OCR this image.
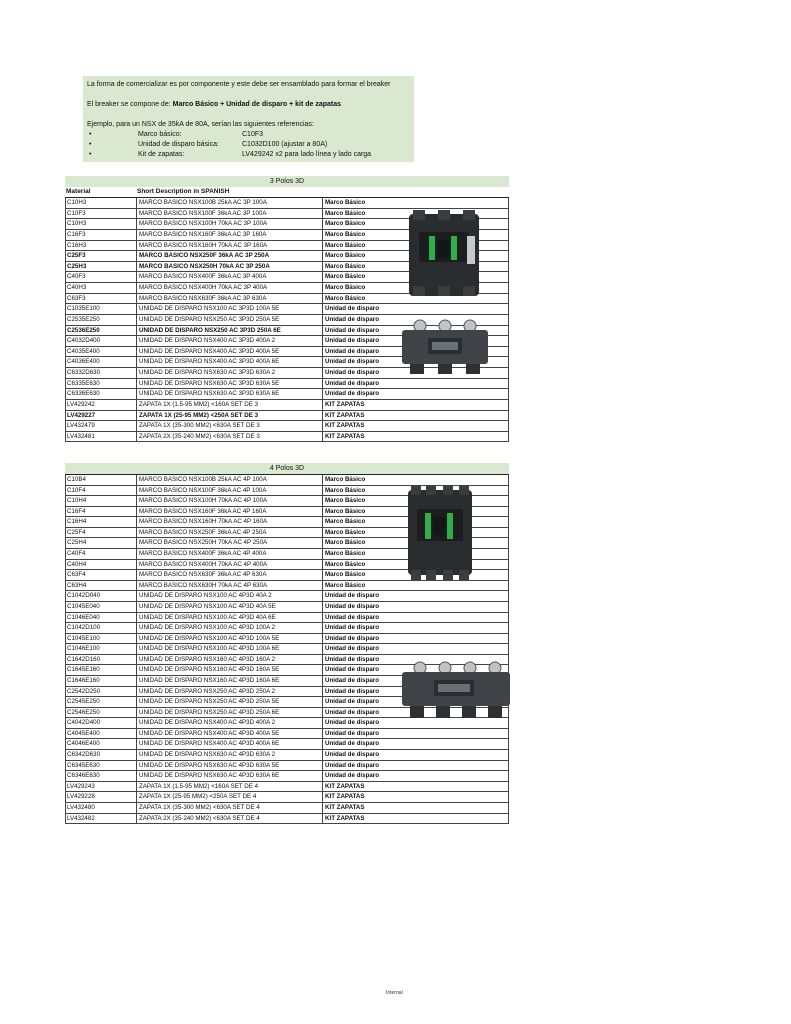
La forma de comercializar es por componente y este debe ser ensamblado para formar el breaker

El breaker se compone de: Marco Básico + Unidad de disparo + kit de zapatas

Ejemplo, para un NSX de 35kA de 80A, serían las siguientes referencias:

•	Marco básico:	C10F3
•	Unidad de disparo básica:	C1032D100 (ajustar a 80A)
•	Kit de zapatas:	LV429242 x2 para lado línea y lado carga
3 Polos 3D
Material	Short Description in SPANISH
C10H3	MARCO BASICO NSX100B 25kA AC 3P 100A	Marco Básico
C10F3	MARCO BASICO NSX100F 36kA AC 3P 100A	Marco Básico
C10H3	MARCO BASICO NSX100H 70kA AC 3P 100A	Marco Básico
C16F3	MARCO BASICO NSX160F 36kA AC 3P 160A	Marco Básico
C16H3	MARCO BASICO NSX160H 70kA AC 3P 160A	Marco Básico
C25F3	MARCO BASICO NSX250F 36kA AC 3P 250A	Marco Básico
C25H3	MARCO BASICO NSX250H 70kA AC 3P 250A	Marco Básico
C40F3	MARCO BASICO NSX400F 36kA AC 3P 400A	Marco Básico
C40H3	MARCO BASICO NSX400H 70kA AC 3P 400A	Marco Básico
C63F3	MARCO BASICO NSX630F 36kA AC 3P 630A	Marco Básico
C1035E100	UNIDAD DE DISPARO NSX100 AC 3P3D 100A 5E	Unidad de disparo
C2535E250	UNIDAD DE DISPARO NSX250 AC 3P3D 250A 5E	Unidad de disparo
C2536E250	UNIDAD DE DISPARO NSX250 AC 3P3D 250A 6E	Unidad de disparo
C4032D400	UNIDAD DE DISPARO NSX400 AC 3P3D 400A 2	Unidad de disparo
C4035E400	UNIDAD DE DISPARO NSX400 AC 3P3D 400A 5E	Unidad de disparo
C4036E400	UNIDAD DE DISPARO NSX400 AC 3P3D 400A 6E	Unidad de disparo
C6332D630	UNIDAD DE DISPARO NSX630 AC 3P3D 630A 2	Unidad de disparo
C6335E630	UNIDAD DE DISPARO NSX630 AC 3P3D 630A 5E	Unidad de disparo
C6336E630	UNIDAD DE DISPARO NSX630 AC 3P3D 630A 6E	Unidad de disparo
LV429242	ZAPATA 1X (1.5-95 MM2) <160A SET DE 3	KIT ZAPATAS
LV429227	ZAPATA 1X (25-95 MM2) <250A SET DE 3	KIT ZAPATAS
LV432479	ZAPATA 1X (35-300 MM2) <630A SET DE 3	KIT ZAPATAS
LV432481	ZAPATA 2X (35-240 MM2) <630A SET DE 3	KIT ZAPATAS
4 Polos 3D
C10B4	MARCO BASICO NSX100B 25kA AC 4P 100A	Marco Básico
C10F4	MARCO BASICO NSX100F 36kA AC 4P 100A	Marco Básico
C10H4	MARCO BASICO NSX100H 70kA AC 4P 100A	Marco Básico
C16F4	MARCO BASICO NSX160F 36kA AC 4P 160A	Marco Básico
C16H4	MARCO BASICO NSX160H 70kA AC 4P 160A	Marco Básico
C25F4	MARCO BASICO NSX250F 36kA AC 4P 250A	Marco Básico
C25H4	MARCO BASICO NSX250H 70kA AC 4P 250A	Marco Básico
C40F4	MARCO BASICO NSX400F 36kA AC 4P 400A	Marco Básico
C40H4	MARCO BASICO NSX400H 70kA AC 4P 400A	Marco Básico
C63F4	MARCO BASICO NSX630F 36kA AC 4P 630A	Marco Básico
C63H4	MARCO BASICO NSX630H 70kA AC 4P 630A	Marco Básico
C1042D040	UNIDAD DE DISPARO NSX100 AC 4P3D 40A 2	Unidad de disparo
C1045E040	UNIDAD DE DISPARO NSX100 AC 4P3D 40A 5E	Unidad de disparo
C1046E040	UNIDAD DE DISPARO NSX100 AC 4P3D 40A 6E	Unidad de disparo
C1042D100	UNIDAD DE DISPARO NSX100 AC 4P3D 100A 2	Unidad de disparo
C1045E100	UNIDAD DE DISPARO NSX100 AC 4P3D 100A 5E	Unidad de disparo
C1046E100	UNIDAD DE DISPARO NSX100 AC 4P3D 100A 6E	Unidad de disparo
C1642D160	UNIDAD DE DISPARO NSX160 AC 4P3D 160A 2	Unidad de disparo
C1645E160	UNIDAD DE DISPARO NSX160 AC 4P3D 160A 5E	Unidad de disparo
C1646E160	UNIDAD DE DISPARO NSX160 AC 4P3D 160A 6E	Unidad de disparo
C2542D250	UNIDAD DE DISPARO NSX250 AC 4P3D 250A 2	Unidad de disparo
C2545E250	UNIDAD DE DISPARO NSX250 AC 4P3D 250A 5E	Unidad de disparo
C2546E250	UNIDAD DE DISPARO NSX250 AC 4P3D 250A 6E	Unidad de disparo
C4042D400	UNIDAD DE DISPARO NSX400 AC 4P3D 400A 2	Unidad de disparo
C4045E400	UNIDAD DE DISPARO NSX400 AC 4P3D 400A 5E	Unidad de disparo
C4046E400	UNIDAD DE DISPARO NSX400 AC 4P3D 400A 6E	Unidad de disparo
C6342D630	UNIDAD DE DISPARO NSX630 AC 4P3D 630A 2	Unidad de disparo
C6345E630	UNIDAD DE DISPARO NSX630 AC 4P3D 630A 5E	Unidad de disparo
C6346E630	UNIDAD DE DISPARO NSX630 AC 4P3D 630A 6E	Unidad de disparo
LV429243	ZAPATA 1X (1.5-95 MM2) <160A SET DE 4	KIT ZAPATAS
LV429228	ZAPATA 1X (25-95 MM2) <250A SET DE 4	KIT ZAPATAS
LV432480	ZAPATA 1X (35-300 MM2) <630A SET DE 4	KIT ZAPATAS
LV432482	ZAPATA 2X (35-240 MM2) <630A SET DE 4	KIT ZAPATAS
Internal
